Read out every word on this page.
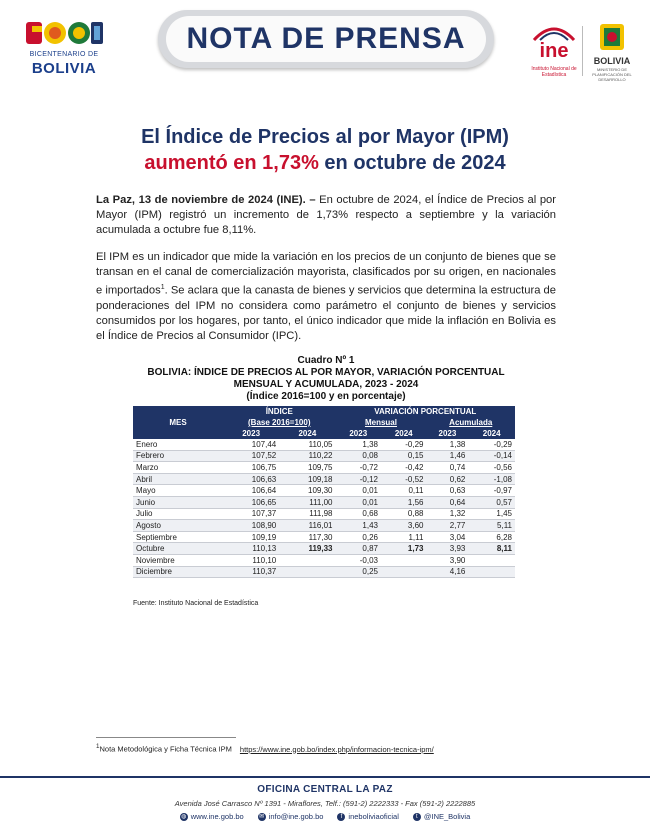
BICENTENARIO DE
BOLIVIA
NOTA DE PRENSA	ine
Instituto Nacional de Estadística
BOLIVIA
MINISTERIO DE PLANIFICACIÓN DEL DESARROLLO
El Índice de Precios al por Mayor (IPM)
aumentó en 1,73% en octubre de 2024
La Paz, 13 de noviembre de 2024 (INE). – En octubre de 2024, el Índice de Precios al por Mayor (IPM) registró un incremento de 1,73% respecto a septiembre y la variación acumulada a octubre fue 8,11%.
El IPM es un indicador que mide la variación en los precios de un conjunto de bienes que se transan en el canal de comercialización mayorista, clasificados por su origen, en nacionales e importados$^1$. Se aclara que la canasta de bienes y servicios que determina la estructura de ponderaciones del IPM no considera como parámetro el conjunto de bienes y servicios consumidos por los hogares, por tanto, el único indicador que mide la inflación en Bolivia es el Índice de Precios al Consumidor (IPC).
Cuadro Nº 1
BOLIVIA: ÍNDICE DE PRECIOS AL POR MAYOR, VARIACIÓN PORCENTUAL
MENSUAL Y ACUMULADA, 2023 - 2024
(Índice 2016=100 y en porcentaje)
MES	ÍNDICE		VARIACIÓN PORCENTUAL			
	(Base 2016=100)		Mensual		Acumulada	
	2023	2024	2023	2024	2023	2024
Enero	107,44	110,05	1,38	-0,29	1,38	-0,29
Febrero	107,52	110,22	0,08	0,15	1,46	-0,14
Marzo	106,75	109,75	-0,72	-0,42	0,74	-0,56
Abril	106,63	109,18	-0,12	-0,52	0,62	-1,08
Mayo	106,64	109,30	0,01	0,11	0,63	-0,97
Junio	106,65	111,00	0,01	1,56	0,64	0,57
Julio	107,37	111,98	0,68	0,88	1,32	1,45
Agosto	108,90	116,01	1,43	3,60	2,77	5,11
Septiembre	109,19	117,30	0,26	1,11	3,04	6,28
Octubre	110,13	119,33	0,87	1,73	3,93	8,11
Noviembre	110,10		-0,03		3,90	
Diciembre	110,37		0,25		4,16	
Fuente: Instituto Nacional de Estadística
$^1$Nota Metodológica y Ficha Técnica IPM https://www.ine.gob.bo/index.php/informacion-tecnica-ipm/
OFICINA CENTRAL LA PAZ
Avenida José Carrasco Nº 1391 - Miraflores, Telf.: (591-2) 2222333 - Fax (591-2) 2222885
◍ www.ine.gob.bo	✉ info@ine.gob.bo	f ineboliviaoficial	t @INE_Bolivia
